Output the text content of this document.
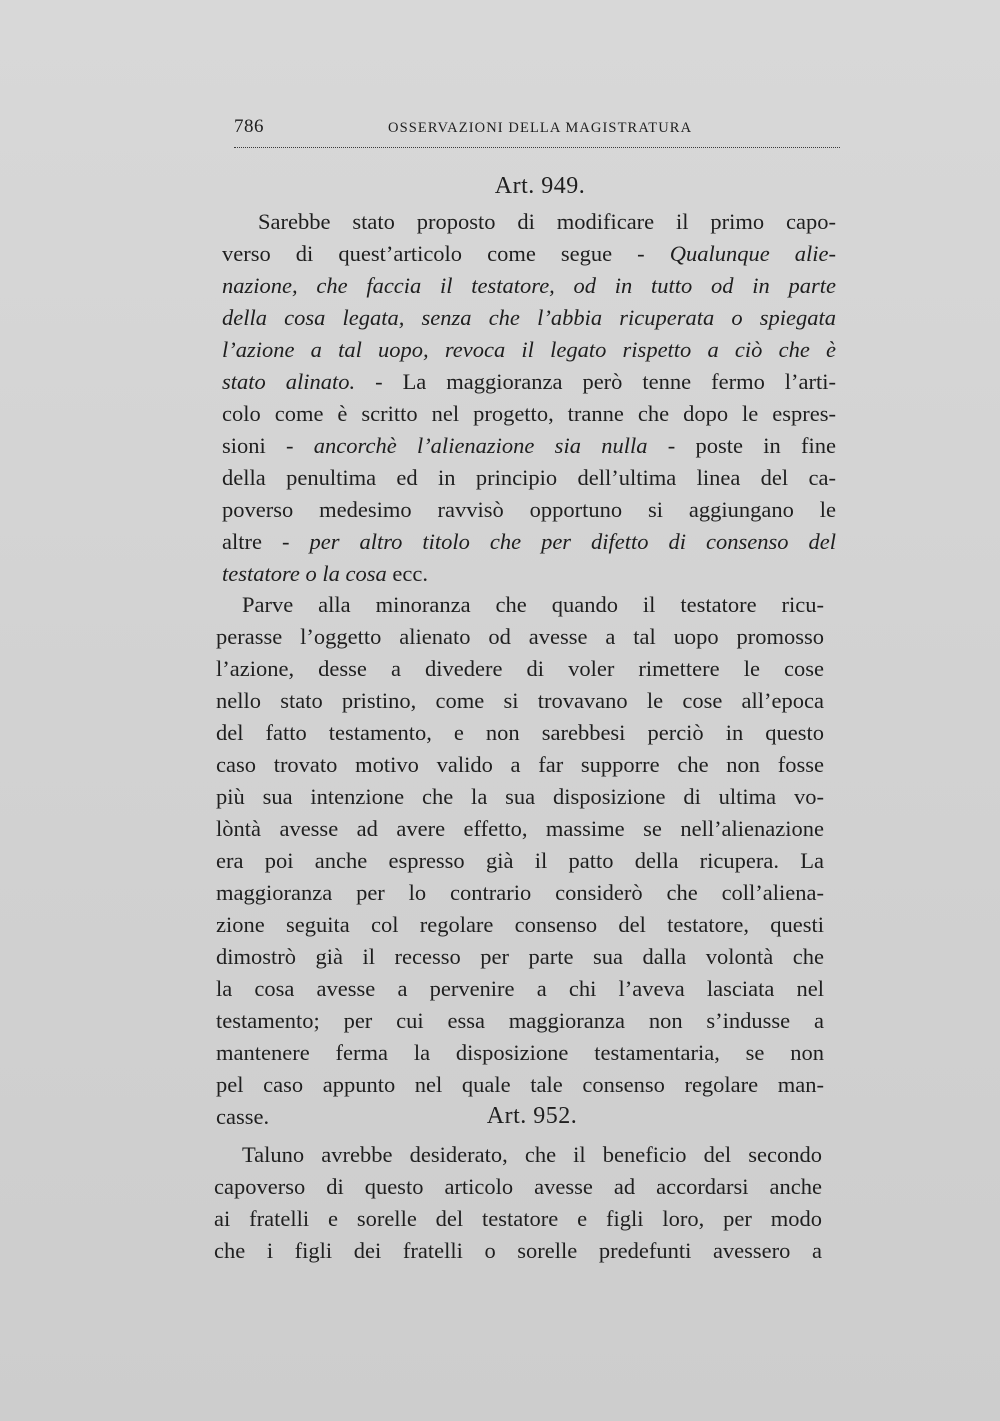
786	OSSERVAZIONI DELLA MAGISTRATURA
Art. 949.
Sarebbe stato proposto di modificare il primo capo-
verso di quest’articolo come segue - Qualunque alie-
nazione, che faccia il testatore, od in tutto od in parte
della cosa legata, senza che l’abbia ricuperata o spiegata
l’azione a tal uopo, revoca il legato rispetto a ciò che è
stato alinato. - La maggioranza però tenne fermo l’arti-
colo come è scritto nel progetto, tranne che dopo le espres-
sioni - ancorchè l’alienazione sia nulla - poste in fine
della penultima ed in principio dell’ultima linea del ca-
poverso medesimo ravvisò opportuno si aggiungano le
altre - per altro titolo che per difetto di consenso del
testatore o la cosa ecc.
Parve alla minoranza che quando il testatore ricu-
perasse l’oggetto alienato od avesse a tal uopo promosso
l’azione, desse a divedere di voler rimettere le cose
nello stato pristino, come si trovavano le cose all’epoca
del fatto testamento, e non sarebbesi perciò in questo
caso trovato motivo valido a far supporre che non fosse
più sua intenzione che la sua disposizione di ultima vo-
lòntà avesse ad avere effetto, massime se nell’alienazione
era poi anche espresso già il patto della ricupera. La
maggioranza per lo contrario considerò che coll’aliena-
zione seguita col regolare consenso del testatore, questi
dimostrò già il recesso per parte sua dalla volontà che
la cosa avesse a pervenire a chi l’aveva lasciata nel
testamento; per cui essa maggioranza non s’indusse a
mantenere ferma la disposizione testamentaria, se non
pel caso appunto nel quale tale consenso regolare man-
casse.	Art. 952.
Taluno avrebbe desiderato, che il beneficio del secondo
capoverso di questo articolo avesse ad accordarsi anche
ai fratelli e sorelle del testatore e figli loro, per modo
che i figli dei fratelli o sorelle predefunti avessero a
